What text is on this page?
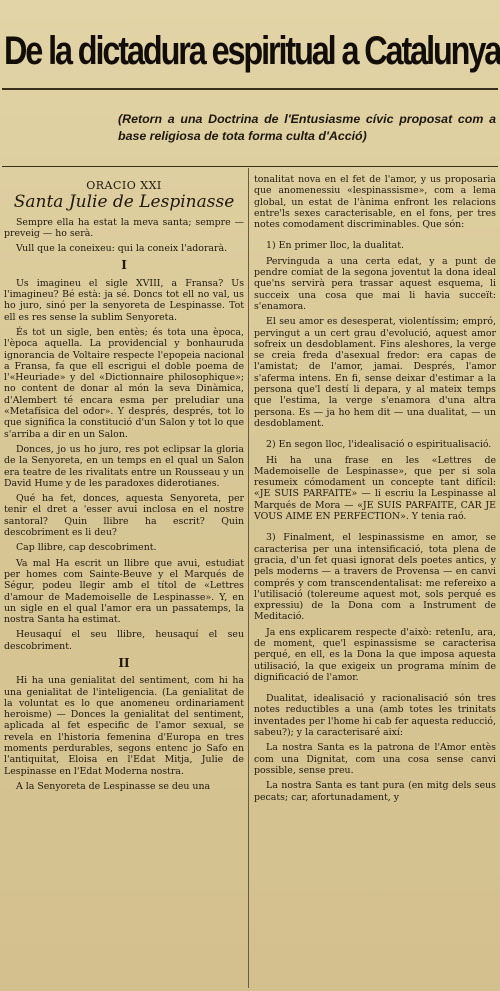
De la dictadura espiritual a Catalunya
(Retorn a una Doctrina de l'Entusiasme cívic proposat com a base religiosa de tota forma culta d'Acció)
ORACIO XXI
Santa Julie de Lespinasse

Sempre ella ha estat la meva santa; sempre — preveig — ho serà.

Vull que la coneixeu: qui la coneix l'adorarà.

I

Us imagineu el sigle XVIII, a Fransa? Us l'imagineu? Bé està: ja sé. Doncs tot ell no val, us ho juro, sinó per la senyoreta de Lespinasse. Tot ell es res sense la sublim Senyoreta.

És tot un sigle, ben entès; és tota una època, l'època aquella. La providencial y bonhauruda ignorancia de Voltaire respecte l'epopeia nacional a Fransa, fa que ell escrigui el doble poema de l'«Heuriade» y del «Dictionnaire philosophique»; no content de donar al món la seva Dinàmica, d'Alembert té encara esma per preludiar una «Metafísica del odor». Y després, després, tot lo que significa la constitució d'un Salon y tot lo que s'arriba a dir en un Salon.

Donces, jo us ho juro, res pot eclipsar la gloria de la Senyoreta, en un temps en el qual un Salon era teatre de les rivalitats entre un Rousseau y un David Hume y de les paradoxes diderotianes.

Qué ha fet, donces, aquesta Senyoreta, per tenir el dret a 'esser avui inclosa en el nostre santoral? Quin llibre ha escrit? Quin descobriment es li deu?

Cap llibre, cap descobriment.

Va mal Ha escrit un llibre que avui, estudiat per homes com Sainte-Beuve y el Marqués de Ségur, podeu llegir amb el títol de «Lettres d'amour de Mademoiselle de Lespinasse». Y, en un sigle en el qual l'amor era un passatemps, la nostra Santa ha estimat.

Heusaquí el seu llibre, heusaquí el seu descobriment.

II

Hi ha una genialitat del sentiment, com hi ha una genialitat de l'inteligencia. (La genialitat de la voluntat es lo que anomeneu ordinariament heroisme) — Donces la genialitat del sentiment, aplicada al fet especific de l'amor sexual, se revela en l'historia femenina d'Europa en tres moments perdurables, segons entenc jo Safo en l'antiquitat, Eloisa en l'Edat Mitja, Julie de Lespinasse en l'Edat Moderna nostra.

A la Senyoreta de Lespinasse se deu una

tonalitat nova en el fet de l'amor, y us proposaria que anomenessiu «lespinassisme», com a lema global, un estat de l'ànima enfront les relacions entre'ls sexes caracterisable, en el fons, per tres notes comodament discriminables. Que són:

1) En primer lloc, la dualitat.

Pervinguda a una certa edat, y a punt de pendre comiat de la segona joventut la dona ideal que'ns servirà pera trassar aquest esquema, li succeix una cosa que mai li havia succeït: s'enamora.

El seu amor es desesperat, violentíssim; empró, pervingut a un cert grau d'evolució, aquest amor sofreix un desdoblament. Fins aleshores, la verge se creia freda d'asexual fredor: era capas de l'amistat; de l'amor, jamai. Després, l'amor s'aferma intens. En fi, sense deixar d'estimar a la persona que'l destí li depara, y al mateix temps que l'estima, la verge s'enamora d'una altra persona. Es — ja ho hem dit — una dualitat, — un desdoblament.

2) En segon lloc, l'idealisació o espiritualisació.

Hi ha una frase en les «Lettres de Mademoiselle de Lespinasse», que per si sola resumeix cómodament un concepte tant difícil: «JE SUIS PARFAITE» — li escriu la Lespinasse al Marqués de Mora — «JE SUIS PARFAITE, CAR JE VOUS AIME EN PERFECTION». Y tenia raó.

3) Finalment, el lespinassisme en amor, se caracterisa per una intensificació, tota plena de gracia, d'un fet quasi ignorat dels poetes antics, y pels moderns — a travers de Provensa — en canvi comprés y com transcendentalisat: me refereixo a l'utilisació (tolereume aquest mot, sols perqué es expressiu) de la Dona com a Instrument de Meditació.

Ja ens explicarem respecte d'això: retenIu, ara, de moment, que'l espinassisme se caracterisa perqué, en ell, es la Dona la que imposa aquesta utilisació, la que exigeix un programa mínim de dignificació de l'amor.

Dualitat, idealisació y racionalisació són tres notes reductibles a una (amb totes les trinitats inventades per l'home hi cab fer aquesta reducció, sabeu?); y la caracterisaré així:

La nostra Santa es la patrona de l'Amor entès com una Dignitat, com una cosa sense canvi possible, sense preu.

La nostra Santa es tant pura (en mitg dels seus pecats; car, afortunadament, y
